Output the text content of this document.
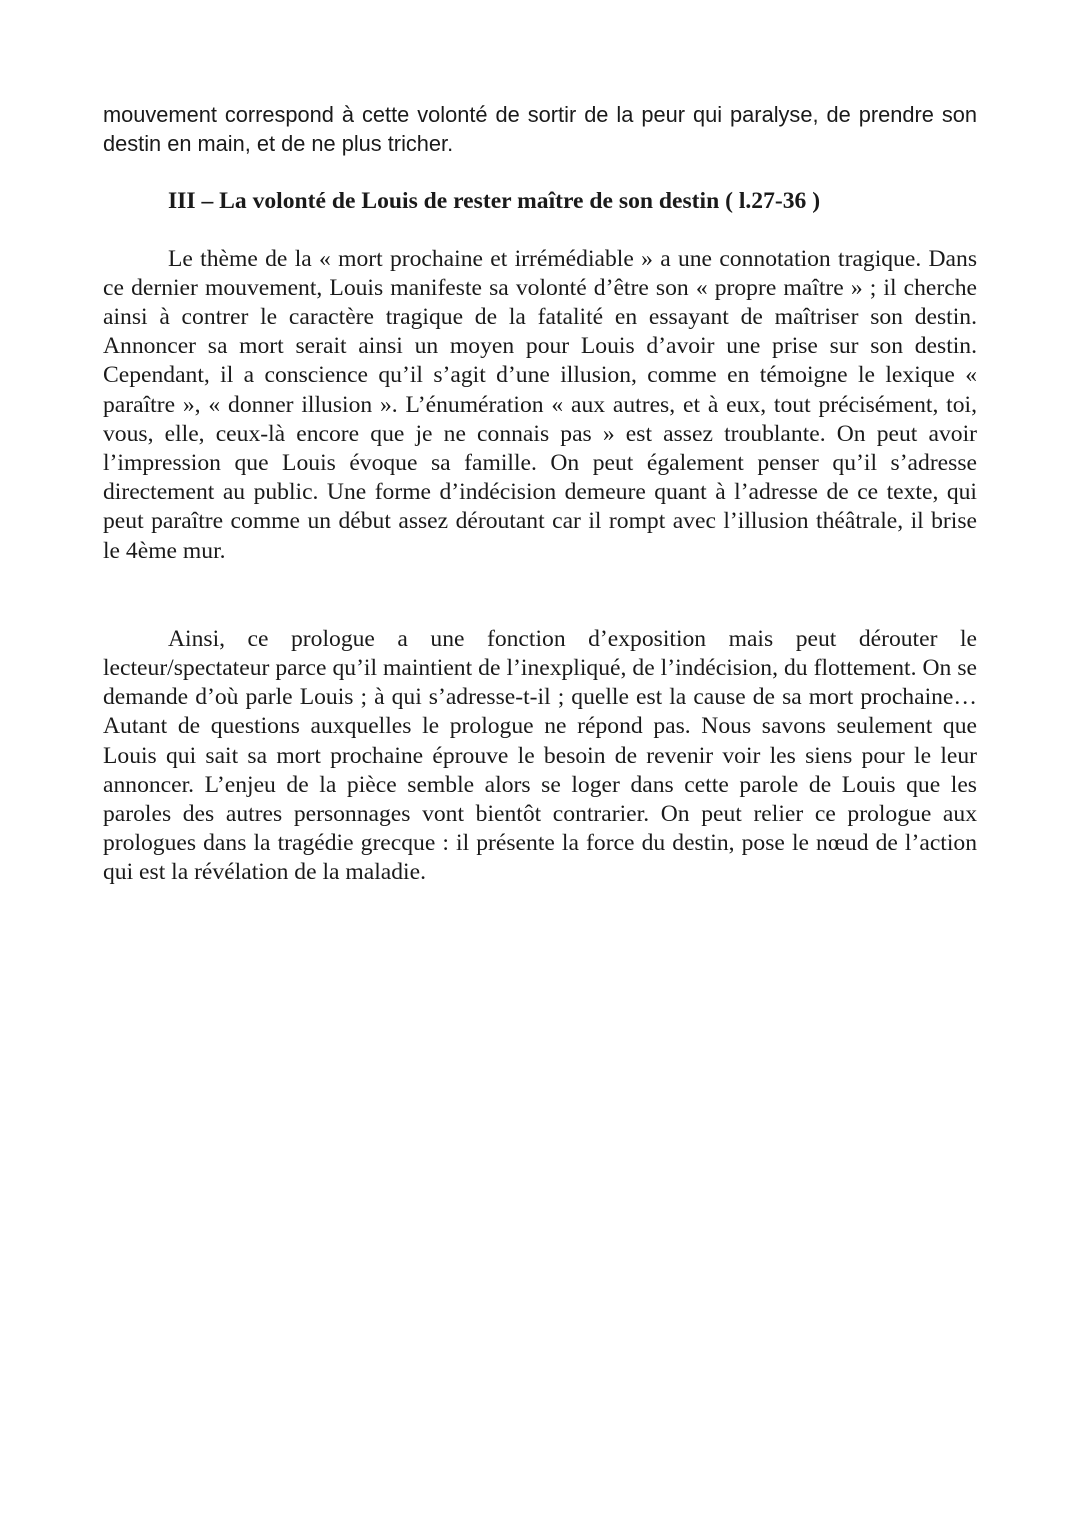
mouvement correspond à cette volonté de sortir de la peur qui paralyse, de prendre son destin en main, et de ne plus tricher.

III – La volonté de Louis de rester maître de son destin ( l.27-36 )

Le thème de la « mort prochaine et irrémédiable » a une connotation tragique. Dans ce dernier mouvement, Louis manifeste sa volonté d’être son « propre maître » ; il cherche ainsi à contrer le caractère tragique de la fatalité en essayant de maîtriser son destin. Annoncer sa mort serait ainsi un moyen pour Louis d’avoir une prise sur son destin. Cependant, il a conscience qu’il s’agit d’une illusion, comme en témoigne le lexique « paraître », « donner illusion ». L’énumération « aux autres, et à eux, tout précisément, toi, vous, elle, ceux-là encore que je ne connais pas » est assez troublante. On peut avoir l’impression que Louis évoque sa famille. On peut également penser qu’il s’adresse directement au public. Une forme d’indécision demeure quant à l’adresse de ce texte, qui peut paraître comme un début assez déroutant car il rompt avec l’illusion théâtrale, il brise le 4ème mur.

Ainsi, ce prologue a une fonction d’exposition mais peut dérouter le lecteur/spectateur parce qu’il maintient de l’inexpliqué, de l’indécision, du flottement. On se demande d’où parle Louis ; à qui s’adresse-t-il ; quelle est la cause de sa mort prochaine… Autant de questions auxquelles le prologue ne répond pas. Nous savons seulement que Louis qui sait sa mort prochaine éprouve le besoin de revenir voir les siens pour le leur annoncer. L’enjeu de la pièce semble alors se loger dans cette parole de Louis que les paroles des autres personnages vont bientôt contrarier. On peut relier ce prologue aux prologues dans la tragédie grecque : il présente la force du destin, pose le nœud de l’action qui est la révélation de la maladie.
